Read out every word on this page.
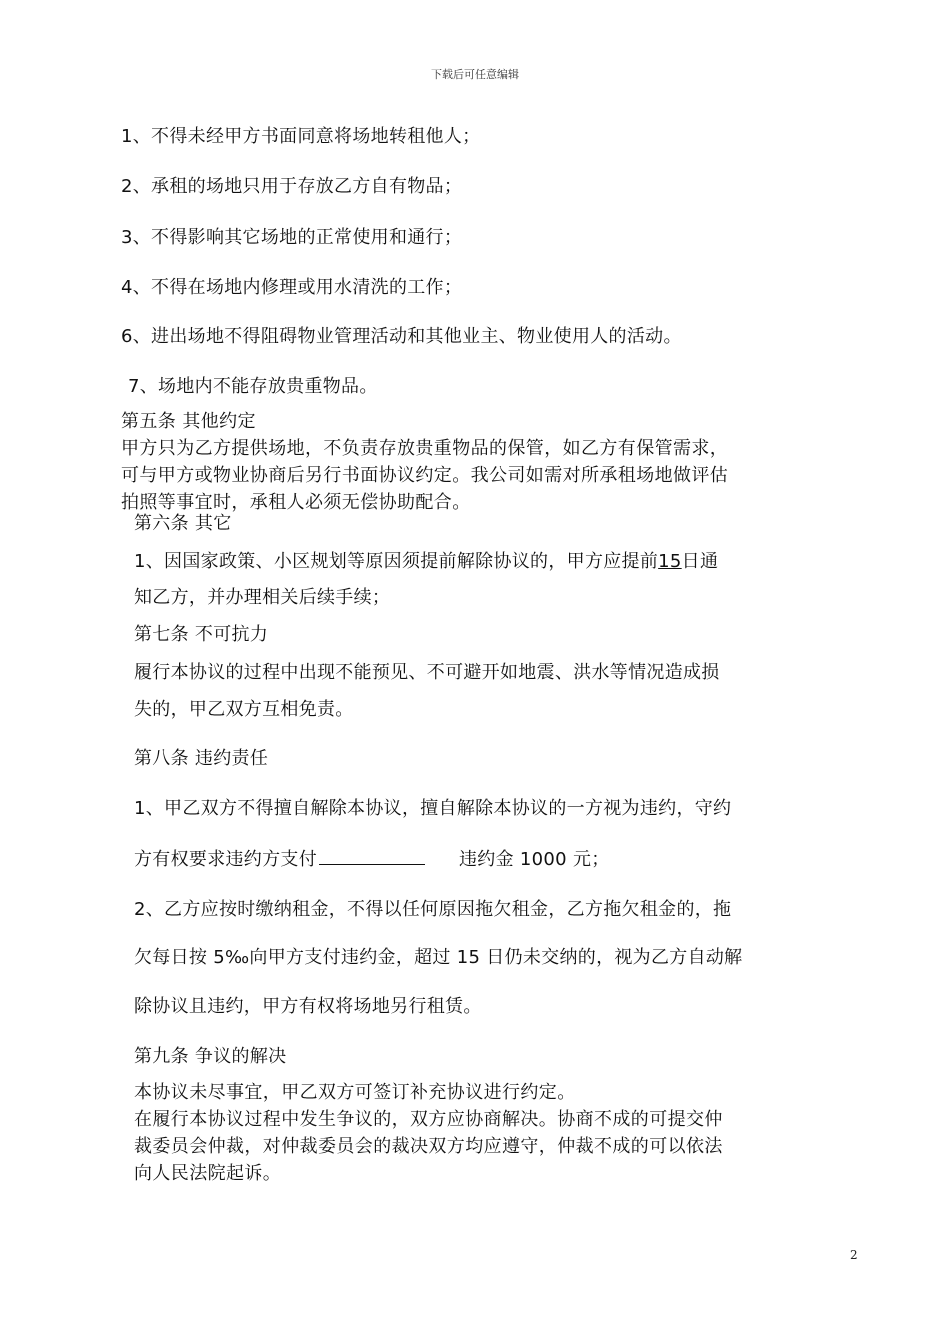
下载后可任意编辑
1、不得未经甲方书面同意将场地转租他人；
2、承租的场地只用于存放乙方自有物品；
3、不得影响其它场地的正常使用和通行；
4、不得在场地内修理或用水清洗的工作；
6、进出场地不得阻碍物业管理活动和其他业主、物业使用人的活动。
7、场地内不能存放贵重物品。
第五条 其他约定
甲方只为乙方提供场地，不负责存放贵重物品的保管，如乙方有保管需求，
可与甲方或物业协商后另行书面协议约定。我公司如需对所承租场地做评估
拍照等事宜时，承租人必须无偿协助配合。
第六条 其它
1、因国家政策、小区规划等原因须提前解除协议的，甲方应提前15日通
知乙方，并办理相关后续手续；
第七条 不可抗力
履行本协议的过程中出现不能预见、不可避开如地震、洪水等情况造成损
失的，甲乙双方互相免责。
第八条 违约责任
1、甲乙双方不得擅自解除本协议，擅自解除本协议的一方视为违约，守约
方有权要求违约方支付	违约金 1000 元；
2、乙方应按时缴纳租金，不得以任何原因拖欠租金，乙方拖欠租金的，拖
欠每日按 5‰向甲方支付违约金，超过 15 日仍未交纳的，视为乙方自动解
除协议且违约，甲方有权将场地另行租赁。
第九条 争议的解决
本协议未尽事宜，甲乙双方可签订补充协议进行约定。
在履行本协议过程中发生争议的，双方应协商解决。协商不成的可提交仲
裁委员会仲裁，对仲裁委员会的裁决双方均应遵守，仲裁不成的可以依法
向人民法院起诉。
2
